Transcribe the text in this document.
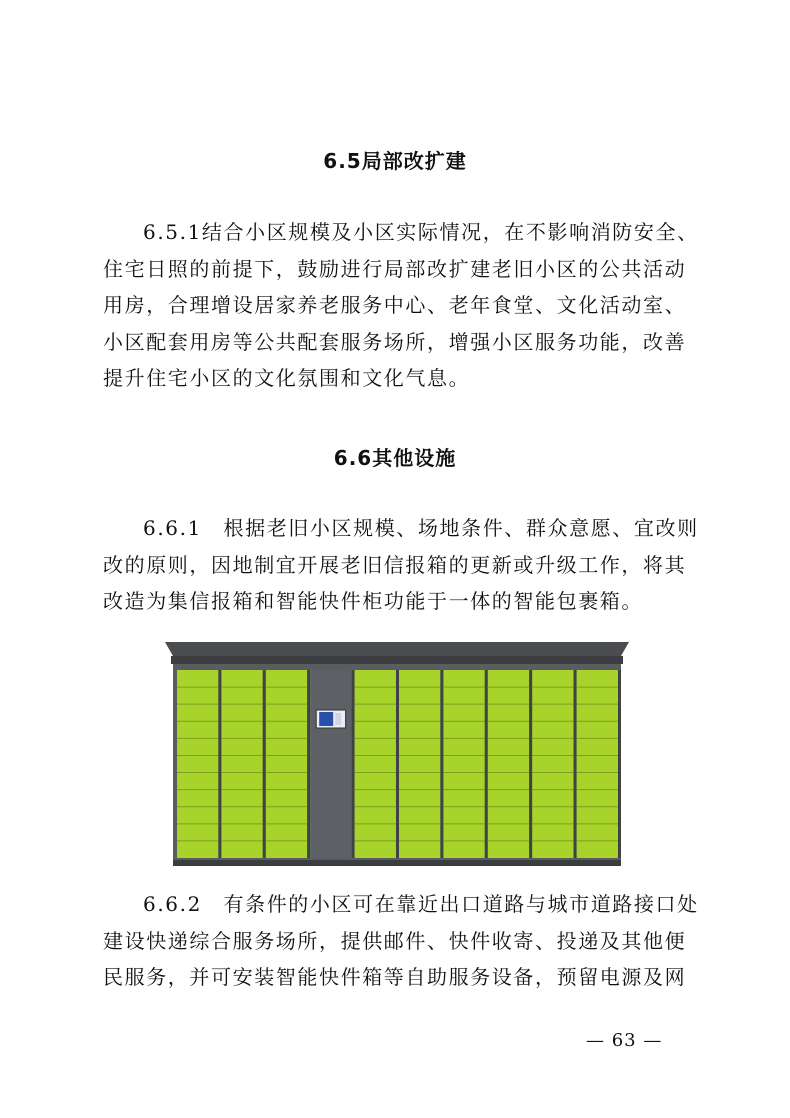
6.5局部改扩建

6.5.1结合小区规模及小区实际情况，在不影响消防安全、
住宅日照的前提下，鼓励进行局部改扩建老旧小区的公共活动
用房，合理增设居家养老服务中心、老年食堂、文化活动室、
小区配套用房等公共配套服务场所，增强小区服务功能，改善
提升住宅小区的文化氛围和文化气息。

6.6其他设施

6.6.1　根据老旧小区规模、场地条件、群众意愿、宜改则
改的原则，因地制宜开展老旧信报箱的更新或升级工作，将其
改造为集信报箱和智能快件柜功能于一体的智能包裹箱。

6.6.2　有条件的小区可在靠近出口道路与城市道路接口处
建设快递综合服务场所，提供邮件、快件收寄、投递及其他便
民服务，并可安装智能快件箱等自助服务设备，预留电源及网

— 63 —
